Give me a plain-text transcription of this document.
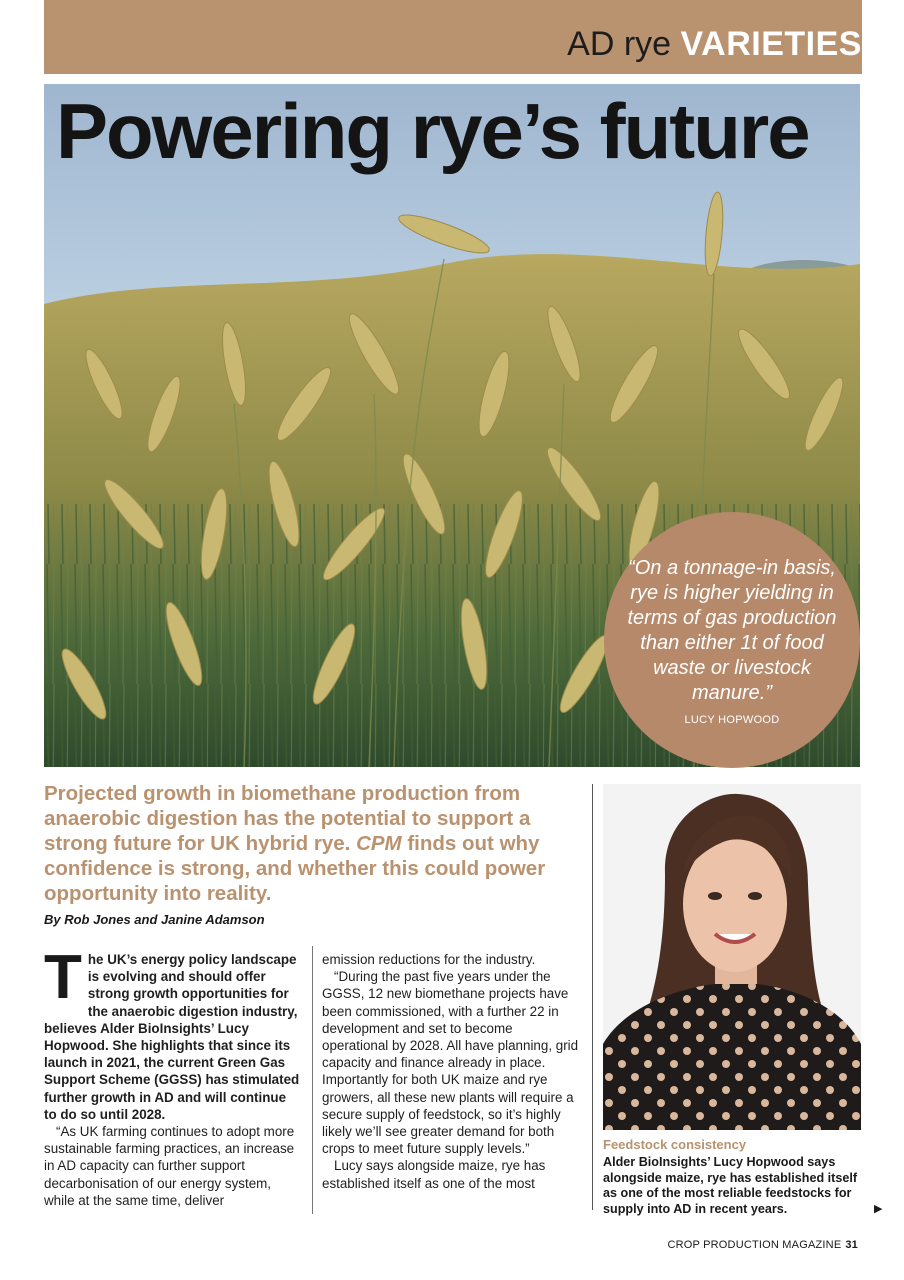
AD rye VARIETIES
Powering rye’s future
“On a tonnage-in basis, rye is higher yielding in terms of gas production than either 1t of food waste or livestock manure.”
LUCY HOPWOOD

Projected growth in biomethane production from anaerobic digestion has the potential to support a strong future for UK hybrid rye. CPM finds out why confidence is strong, and whether this could power opportunity into reality.

By Rob Jones and Janine Adamson

The UK’s energy policy landscape is evolving and should offer strong growth opportunities for the anaerobic digestion industry, believes Alder BioInsights’ Lucy Hopwood. She highlights that since its launch in 2021, the current Green Gas Support Scheme (GGSS) has stimulated further growth in AD and will continue to do so until 2028.

“As UK farming continues to adopt more sustainable farming practices, an increase in AD capacity can further support decarbonisation of our energy system, while at the same time, deliver

emission reductions for the industry.

“During the past five years under the GGSS, 12 new biomethane projects have been commissioned, with a further 22 in development and set to become operational by 2028. All have planning, grid capacity and finance already in place. Importantly for both UK maize and rye growers, all these new plants will require a secure supply of feedstock, so it’s highly likely we’ll see greater demand for both crops to meet future supply levels.”

Lucy says alongside maize, rye has established itself as one of the most

Feedstock consistency
Alder BioInsights’ Lucy Hopwood says alongside maize, rye has established itself as one of the most reliable feedstocks for supply into AD in recent years.	▶
CROP PRODUCTION MAGAZINE 31
